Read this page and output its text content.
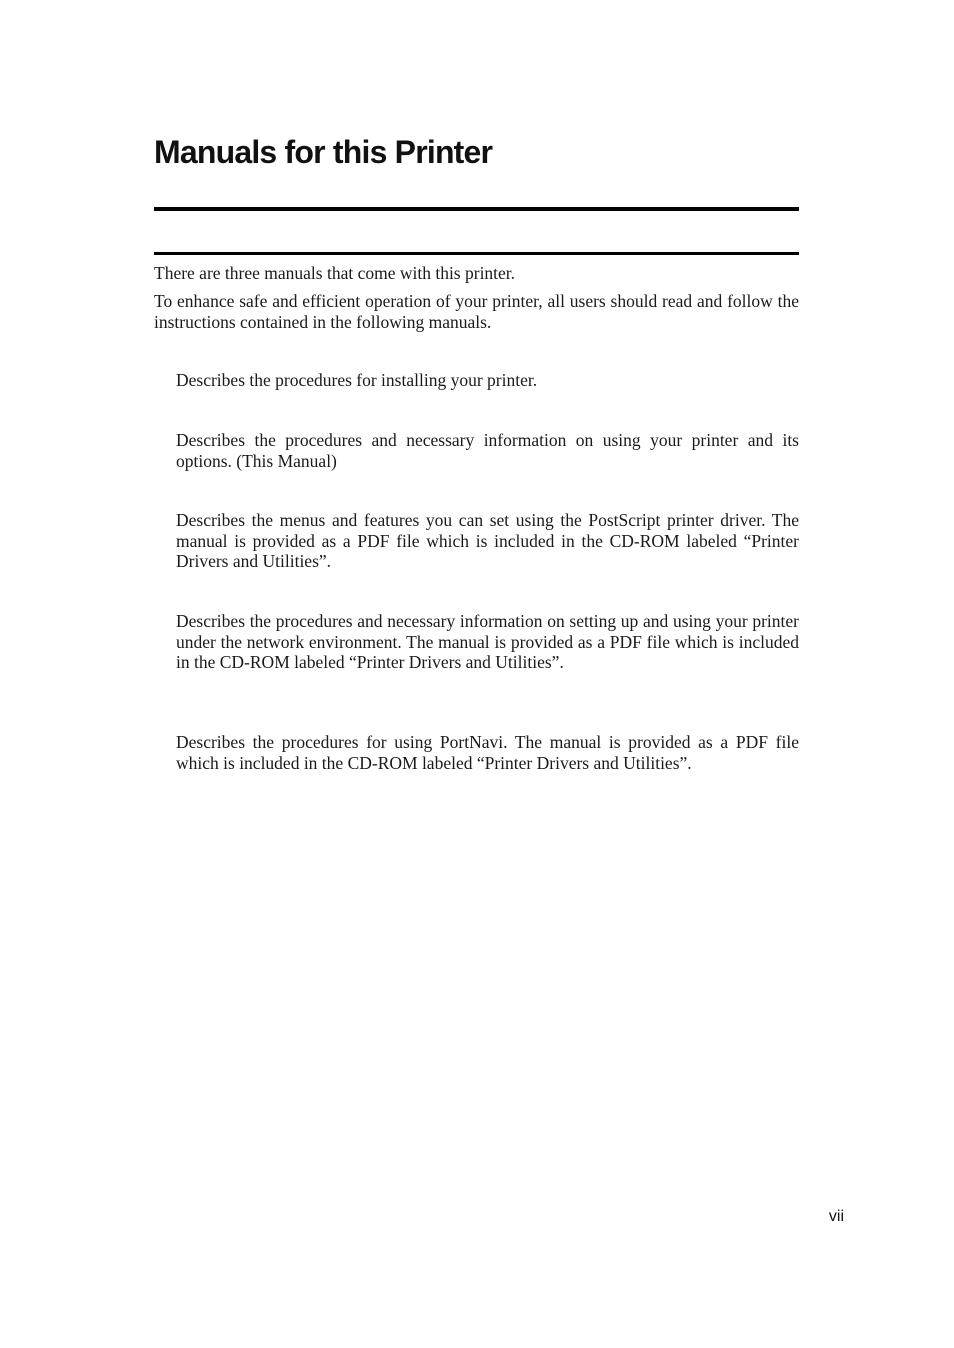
Manuals for this Printer

There are three manuals that come with this printer.

To enhance safe and efficient operation of your printer, all users should read and follow the instructions contained in the following manuals.

Describes the procedures for installing your printer.

Describes the procedures and necessary information on using your printer and its options. (This Manual)

Describes the menus and features you can set using the PostScript printer driver. The manual is provided as a PDF file which is included in the CD-ROM labeled “Printer Drivers and Utilities”.

Describes the procedures and necessary information on setting up and using your printer under the network environment. The manual is provided as a PDF file which is included in the CD-ROM labeled “Printer Drivers and Utilities”.

Describes the procedures for using PortNavi. The manual is provided as a PDF file which is included in the CD-ROM labeled “Printer Drivers and Utilities”.

vii
